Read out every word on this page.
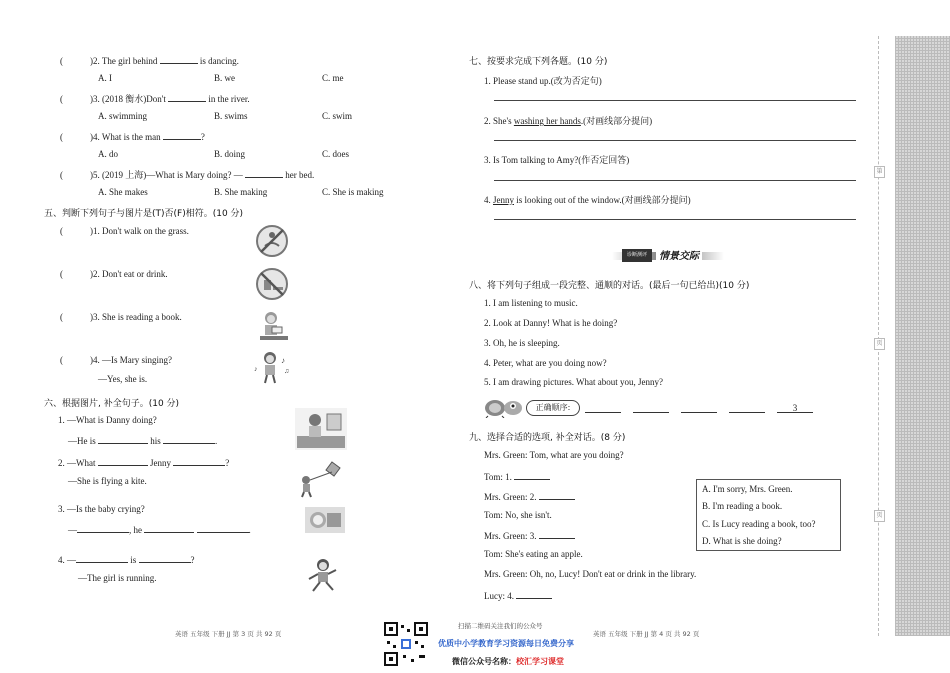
(	)2. The girl behind	is dancing.
A. I	B. we	C. me
(	)3. (2018 衡水)Don't	in the river.
A. swimming	B. swims	C. swim
(	)4. What is the man	?
A. do	B. doing	C. does
(	)5. (2019 上海)—What is Mary doing? —	her bed.
A. She makes	B. She making	C. She is making
五、判断下列句子与图片是(T)否(F)相符。(10 分)
(	)1. Don't walk on the grass.
(	)2. Don't eat or drink.
(	)3. She is reading a book.
(	)4. —Is Mary singing?
—Yes, she is.
♪
♫
♪
六、根据图片, 补全句子。(10 分)
1. —What is Danny doing?
—He is	his	.
2. —What	Jenny	?
—She is flying a kite.
3. —Is the baby crying?
—	, he	.
4. —	is	?
—The girl is running.
英语 五年级 下册 JJ 第 3 页 共 92 页
扫描二维码关注我们的公众号
优质中小学教育学习资源每日免费分享
微信公众号名称：校汇学习课堂
七、按要求完成下列各题。(10 分)
1. Please stand up.(改为否定句)
2. She's washing her hands.(对画线部分提问)
3. Is Tom talking to Amy?(作否定回答)
4. Jenny is looking out of the window.(对画线部分提问)
诊断测评	情景交际
八、将下列句子组成一段完整、通顺的对话。(最后一句已给出)(10 分)
1. I am listening to music.
2. Look at Danny! What is he doing?
3. Oh, he is sleeping.
4. Peter, what are you doing now?
5. I am drawing pictures. What about you, Jenny?
正确顺序:	3
九、选择合适的选项, 补全对话。(8 分)
Mrs. Green: Tom, what are you doing?
Tom: 1.
Mrs. Green: 2.
Tom: No, she isn't.
Mrs. Green: 3.
Tom: She's eating an apple.
Mrs. Green: Oh, no, Lucy! Don't eat or drink in the library.
Lucy: 4.
A. I'm sorry, Mrs. Green.
B. I'm reading a book.
C. Is Lucy reading a book, too?
D. What is she doing?
英语 五年级 下册 JJ 第 4 页 共 92 页
第
页
页
